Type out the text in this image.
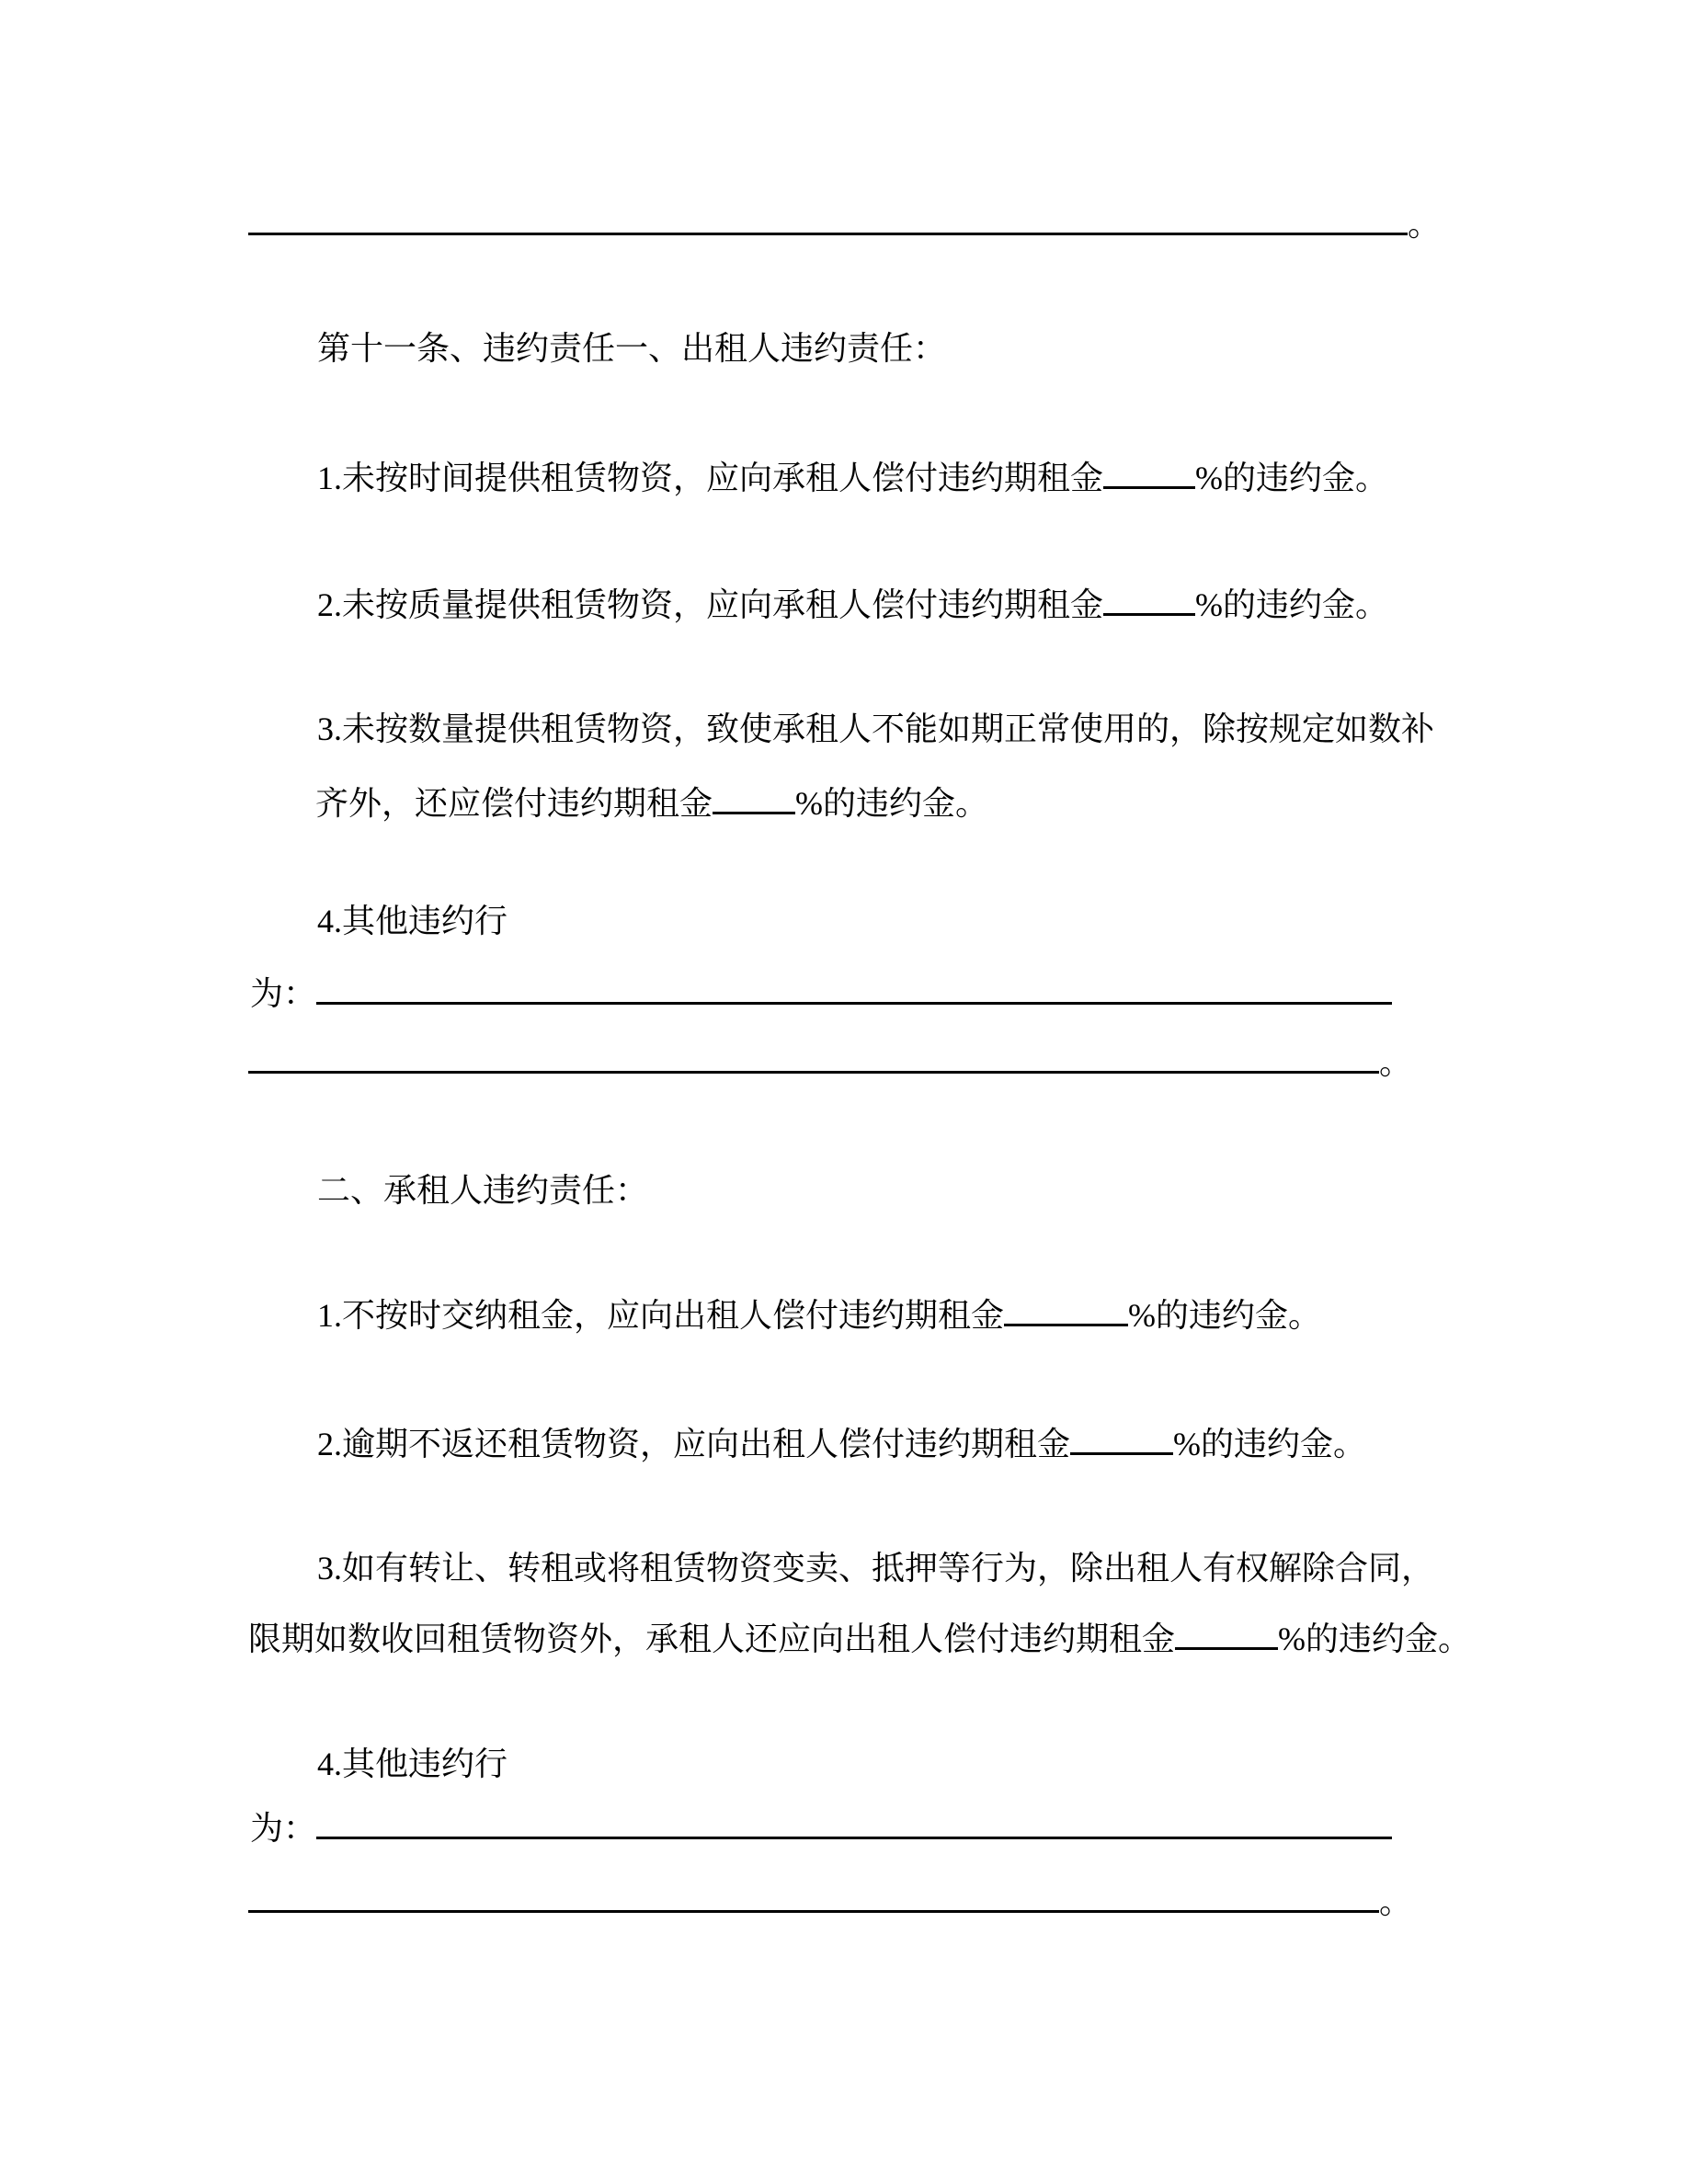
。
第十一条、违约责任一、出租人违约责任：
1.未按时间提供租赁物资，应向承租人偿付违约期租金	%的违约金。
2.未按质量提供租赁物资，应向承租人偿付违约期租金	%的违约金。
3.未按数量提供租赁物资，致使承租人不能如期正常使用的，除按规定如数补
齐外，还应偿付违约期租金	%的违约金。
4.其他违约行
为：
。
二、承租人违约责任：
1.不按时交纳租金，应向出租人偿付违约期租金	%的违约金。
2.逾期不返还租赁物资，应向出租人偿付违约期租金	%的违约金。
3.如有转让、转租或将租赁物资变卖、抵押等行为，除出租人有权解除合同，
限期如数收回租赁物资外，承租人还应向出租人偿付违约期租金	%的违约金。
4.其他违约行
为：
。
